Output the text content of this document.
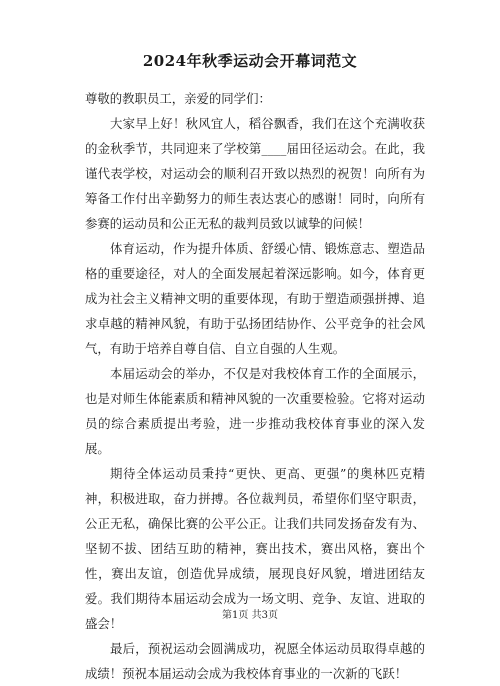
2024年秋季运动会开幕词范文

尊敬的教职员工，亲爱的同学们：

大家早上好！秋风宜人，稻谷飘香，我们在这个充满收获的金秋季节，共同迎来了学校第____届田径运动会。在此，我谨代表学校，对运动会的顺利召开致以热烈的祝贺！向所有为筹备工作付出辛勤努力的师生表达衷心的感谢！同时，向所有参赛的运动员和公正无私的裁判员致以诚挚的问候！

体育运动，作为提升体质、舒缓心情、锻炼意志、塑造品格的重要途径，对人的全面发展起着深远影响。如今，体育更成为社会主义精神文明的重要体现，有助于塑造顽强拼搏、追求卓越的精神风貌，有助于弘扬团结协作、公平竞争的社会风气，有助于培养自尊自信、自立自强的人生观。

本届运动会的举办，不仅是对我校体育工作的全面展示，也是对师生体能素质和精神风貌的一次重要检验。它将对运动员的综合素质提出考验，进一步推动我校体育事业的深入发展。

期待全体运动员秉持“更快、更高、更强”的奥林匹克精神，积极进取，奋力拼搏。各位裁判员，希望你们坚守职责，公正无私，确保比赛的公平公正。让我们共同发扬奋发有为、坚韧不拔、团结互助的精神，赛出技术，赛出风格，赛出个性，赛出友谊，创造优异成绩，展现良好风貌，增进团结友爱。我们期待本届运动会成为一场文明、竞争、友谊、进取的盛会！

最后，预祝运动会圆满成功，祝愿全体运动员取得卓越的成绩！预祝本届运动会成为我校体育事业的一次新的飞跃！

第1页 共3页
